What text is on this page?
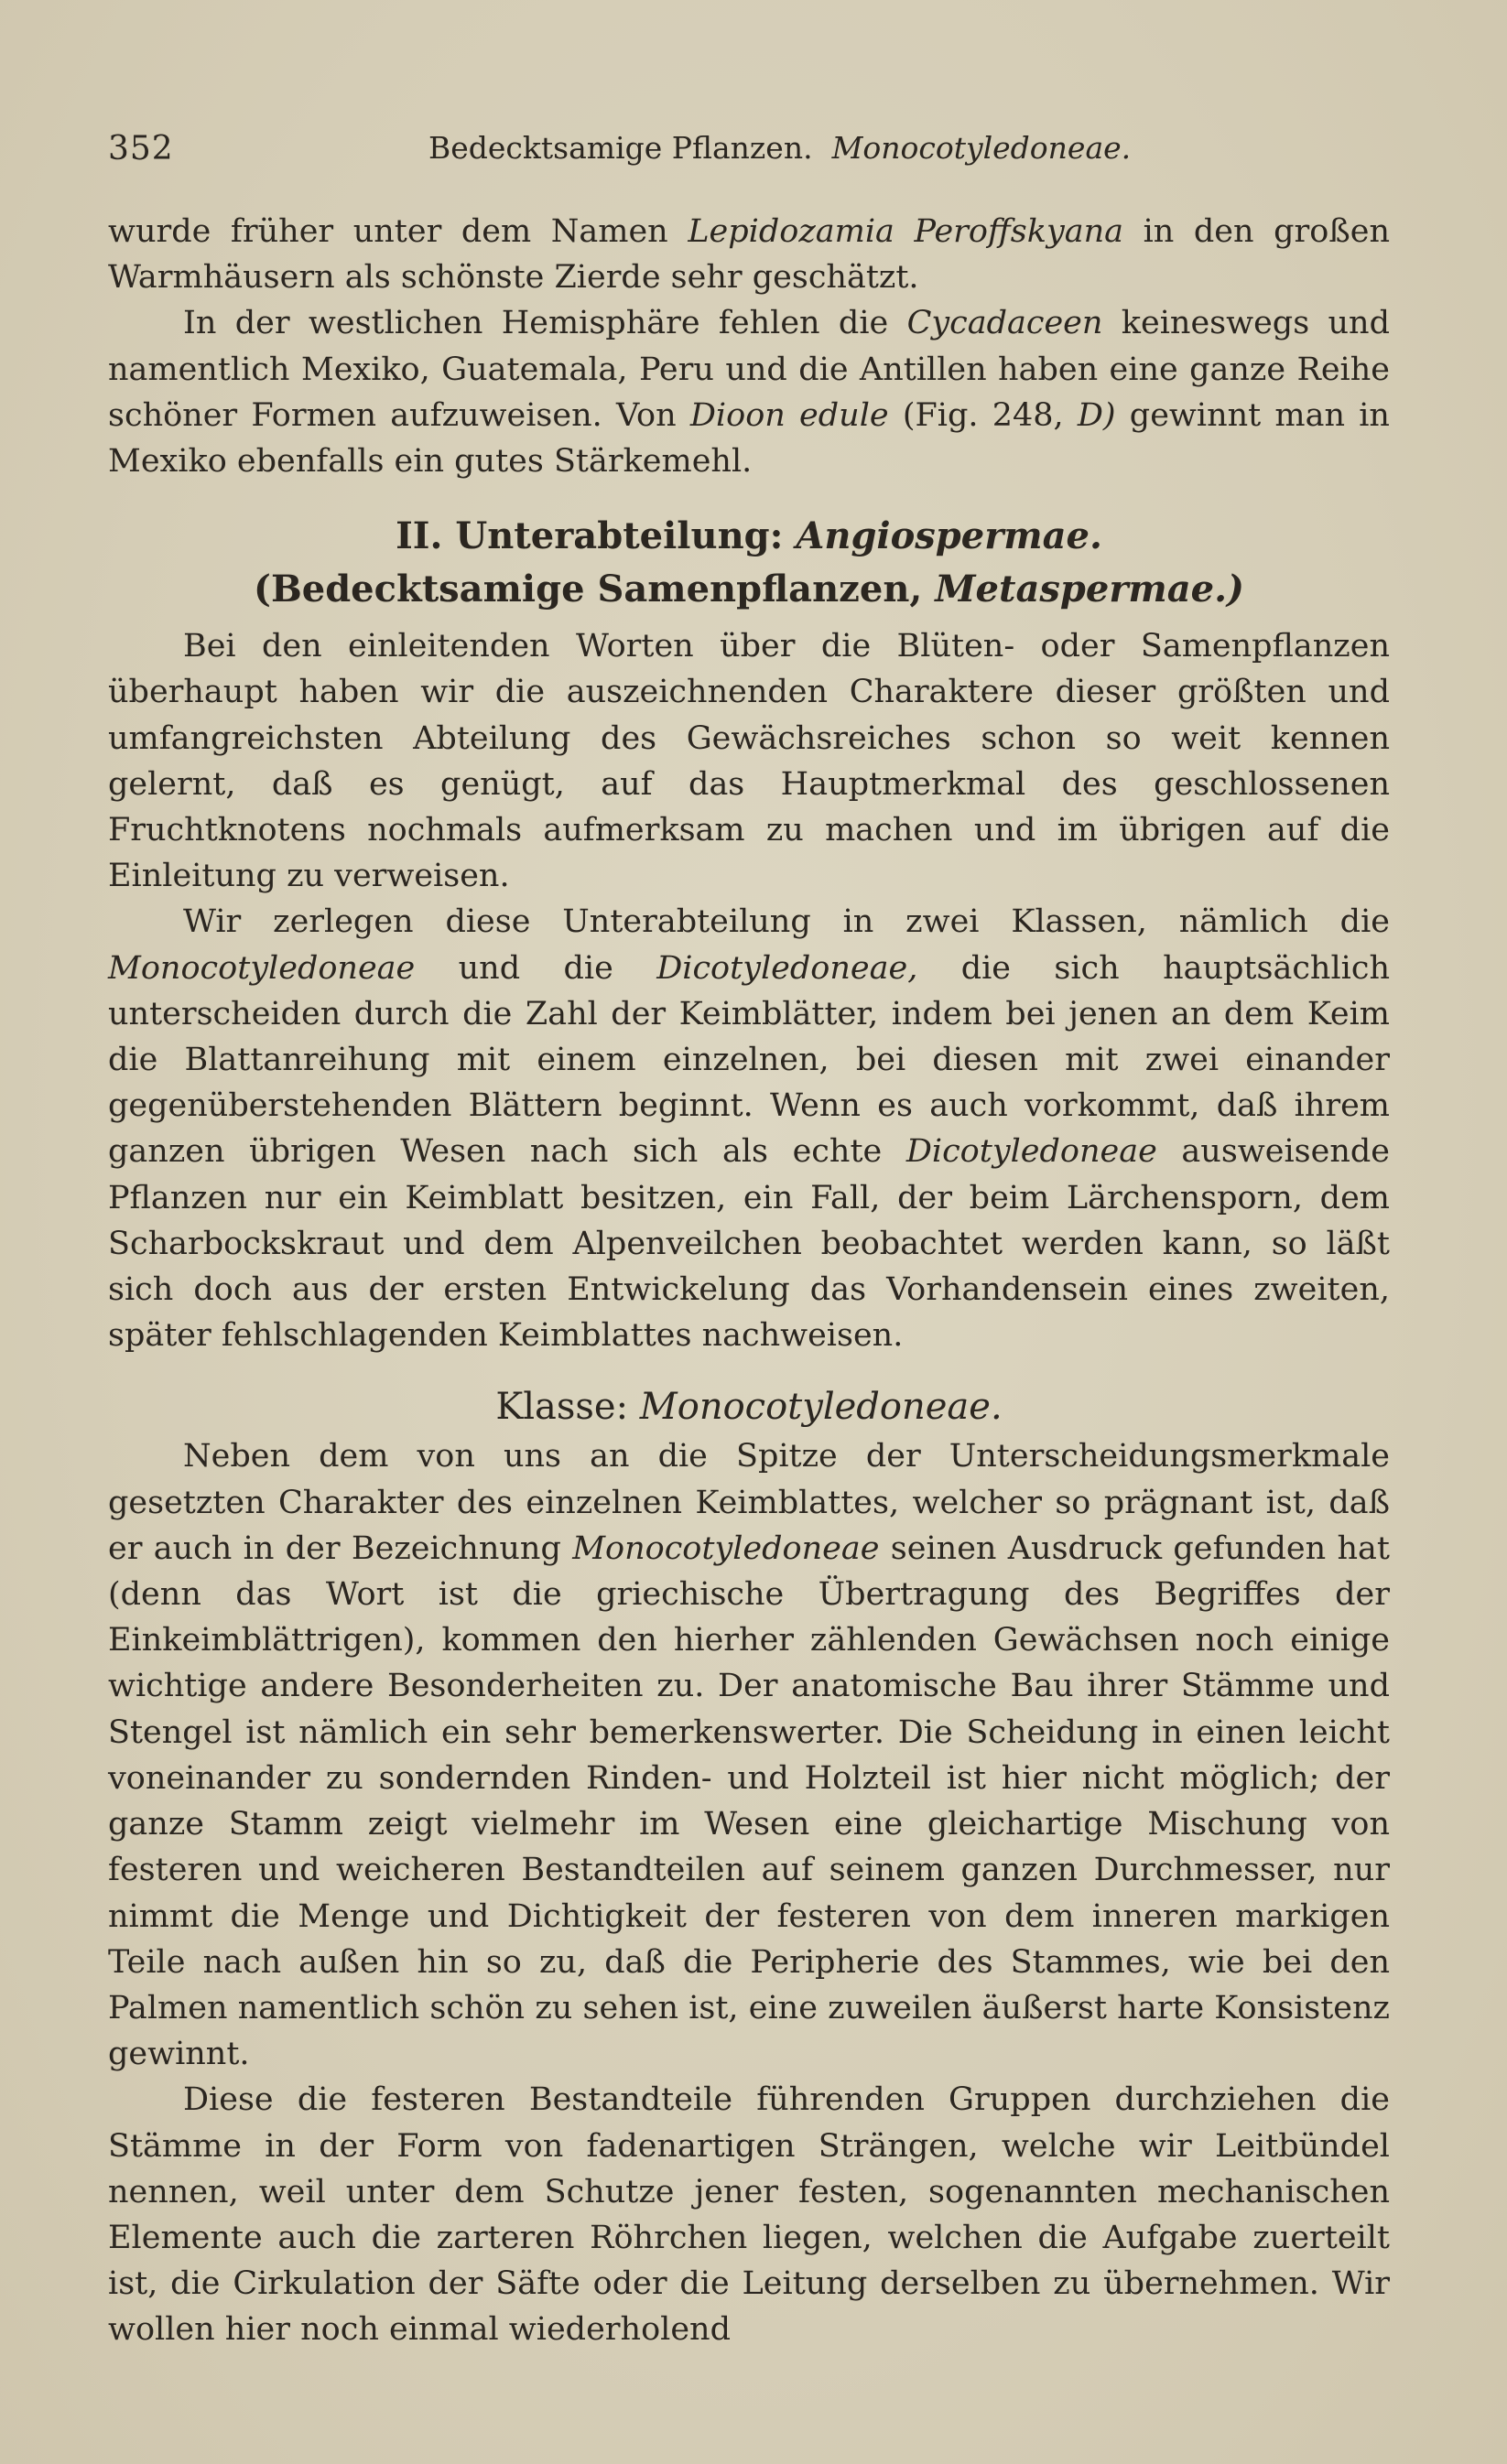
352	Bedecktsamige Pflanzen. Monocotyledoneae.

wurde früher unter dem Namen Lepidozamia Peroffskyana in den großen Warmhäusern als schönste Zierde sehr geschätzt.

In der westlichen Hemisphäre fehlen die Cycadaceen keineswegs und namentlich Mexiko, Guatemala, Peru und die Antillen haben eine ganze Reihe schöner Formen aufzuweisen. Von Dioon edule (Fig. 248, D) gewinnt man in Mexiko ebenfalls ein gutes Stärkemehl.

II. Unterabteilung: Angiospermae.
(Bedecktsamige Samenpflanzen, Metaspermae.)

Bei den einleitenden Worten über die Blüten- oder Samenpflanzen überhaupt haben wir die auszeichnenden Charaktere dieser größten und umfangreichsten Abteilung des Gewächsreiches schon so weit kennen gelernt, daß es genügt, auf das Hauptmerkmal des geschlossenen Fruchtknotens nochmals aufmerksam zu machen und im übrigen auf die Einleitung zu verweisen.

Wir zerlegen diese Unterabteilung in zwei Klassen, nämlich die Monocotyledoneae und die Dicotyledoneae, die sich hauptsächlich unterscheiden durch die Zahl der Keimblätter, indem bei jenen an dem Keim die Blattanreihung mit einem einzelnen, bei diesen mit zwei einander gegenüberstehenden Blättern beginnt. Wenn es auch vorkommt, daß ihrem ganzen übrigen Wesen nach sich als echte Dicotyledoneae ausweisende Pflanzen nur ein Keimblatt besitzen, ein Fall, der beim Lärchensporn, dem Scharbockskraut und dem Alpenveilchen beobachtet werden kann, so läßt sich doch aus der ersten Entwickelung das Vorhandensein eines zweiten, später fehlschlagenden Keimblattes nachweisen.

Klasse: Monocotyledoneae.

Neben dem von uns an die Spitze der Unterscheidungsmerkmale gesetzten Charakter des einzelnen Keimblattes, welcher so prägnant ist, daß er auch in der Bezeichnung Monocotyledoneae seinen Ausdruck gefunden hat (denn das Wort ist die griechische Übertragung des Begriffes der Einkeimblättrigen), kommen den hierher zählenden Gewächsen noch einige wichtige andere Besonderheiten zu. Der anatomische Bau ihrer Stämme und Stengel ist nämlich ein sehr bemerkenswerter. Die Scheidung in einen leicht voneinander zu sondernden Rinden- und Holzteil ist hier nicht möglich; der ganze Stamm zeigt vielmehr im Wesen eine gleichartige Mischung von festeren und weicheren Bestandteilen auf seinem ganzen Durchmesser, nur nimmt die Menge und Dichtigkeit der festeren von dem inneren markigen Teile nach außen hin so zu, daß die Peripherie des Stammes, wie bei den Palmen namentlich schön zu sehen ist, eine zuweilen äußerst harte Konsistenz gewinnt.

Diese die festeren Bestandteile führenden Gruppen durchziehen die Stämme in der Form von fadenartigen Strängen, welche wir Leitbündel nennen, weil unter dem Schutze jener festen, sogenannten mechanischen Elemente auch die zarteren Röhrchen liegen, welchen die Aufgabe zuerteilt ist, die Cirkulation der Säfte oder die Leitung derselben zu übernehmen. Wir wollen hier noch einmal wiederholend
